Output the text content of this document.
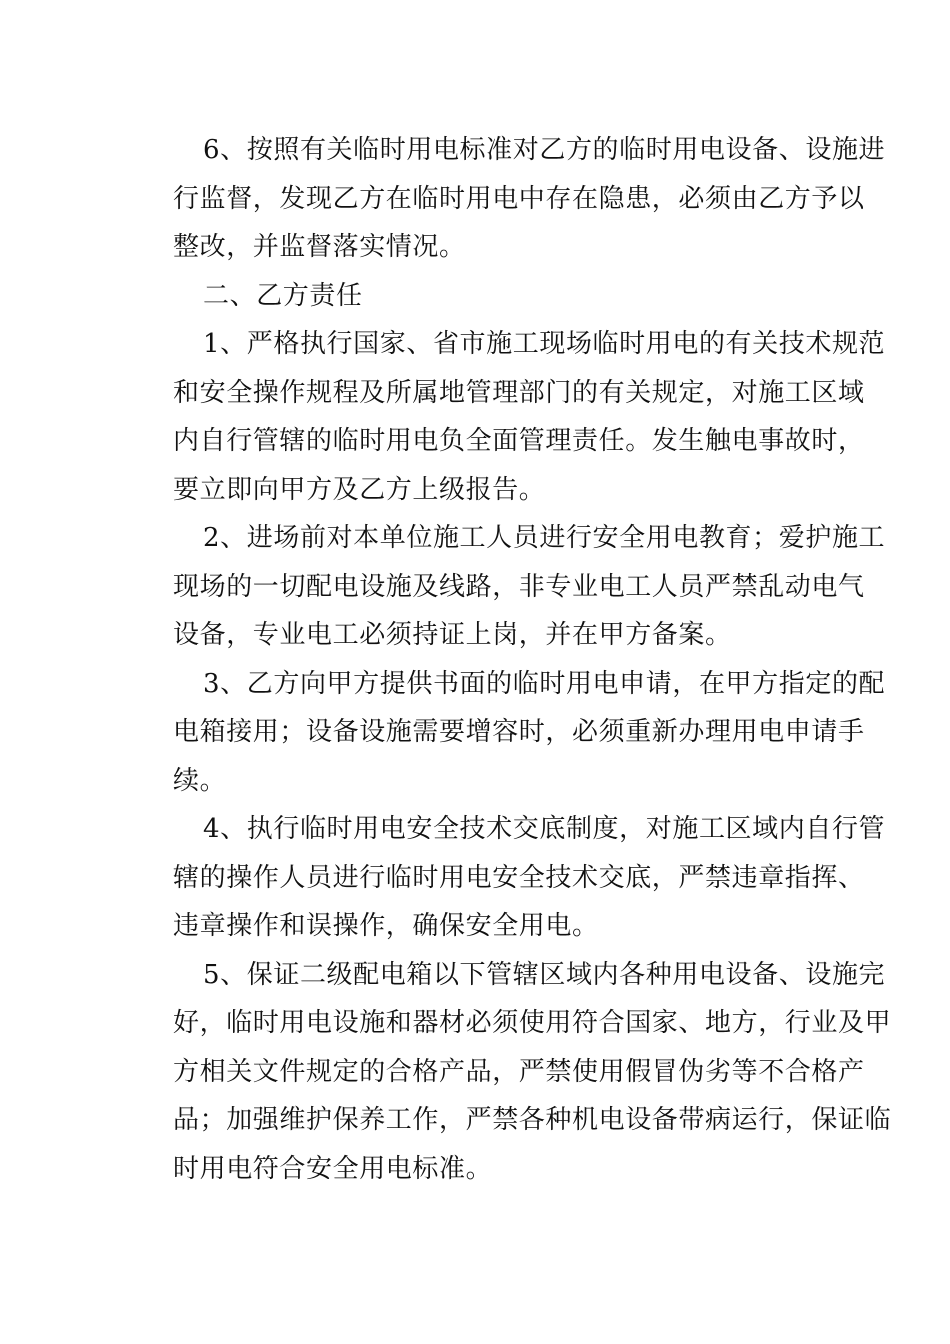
6、按照有关临时用电标准对乙方的临时用电设备、设施进
行监督，发现乙方在临时用电中存在隐患，必须由乙方予以
整改，并监督落实情况。
二、乙方责任
1、严格执行国家、省市施工现场临时用电的有关技术规范
和安全操作规程及所属地管理部门的有关规定，对施工区域
内自行管辖的临时用电负全面管理责任。发生触电事故时，
要立即向甲方及乙方上级报告。
2、进场前对本单位施工人员进行安全用电教育；爱护施工
现场的一切配电设施及线路，非专业电工人员严禁乱动电气
设备，专业电工必须持证上岗，并在甲方备案。
3、乙方向甲方提供书面的临时用电申请，在甲方指定的配
电箱接用；设备设施需要增容时，必须重新办理用电申请手
续。
4、执行临时用电安全技术交底制度，对施工区域内自行管
辖的操作人员进行临时用电安全技术交底，严禁违章指挥、
违章操作和误操作，确保安全用电。
5、保证二级配电箱以下管辖区域内各种用电设备、设施完
好，临时用电设施和器材必须使用符合国家、地方，行业及甲
方相关文件规定的合格产品，严禁使用假冒伪劣等不合格产
品；加强维护保养工作，严禁各种机电设备带病运行，保证临
时用电符合安全用电标准。
